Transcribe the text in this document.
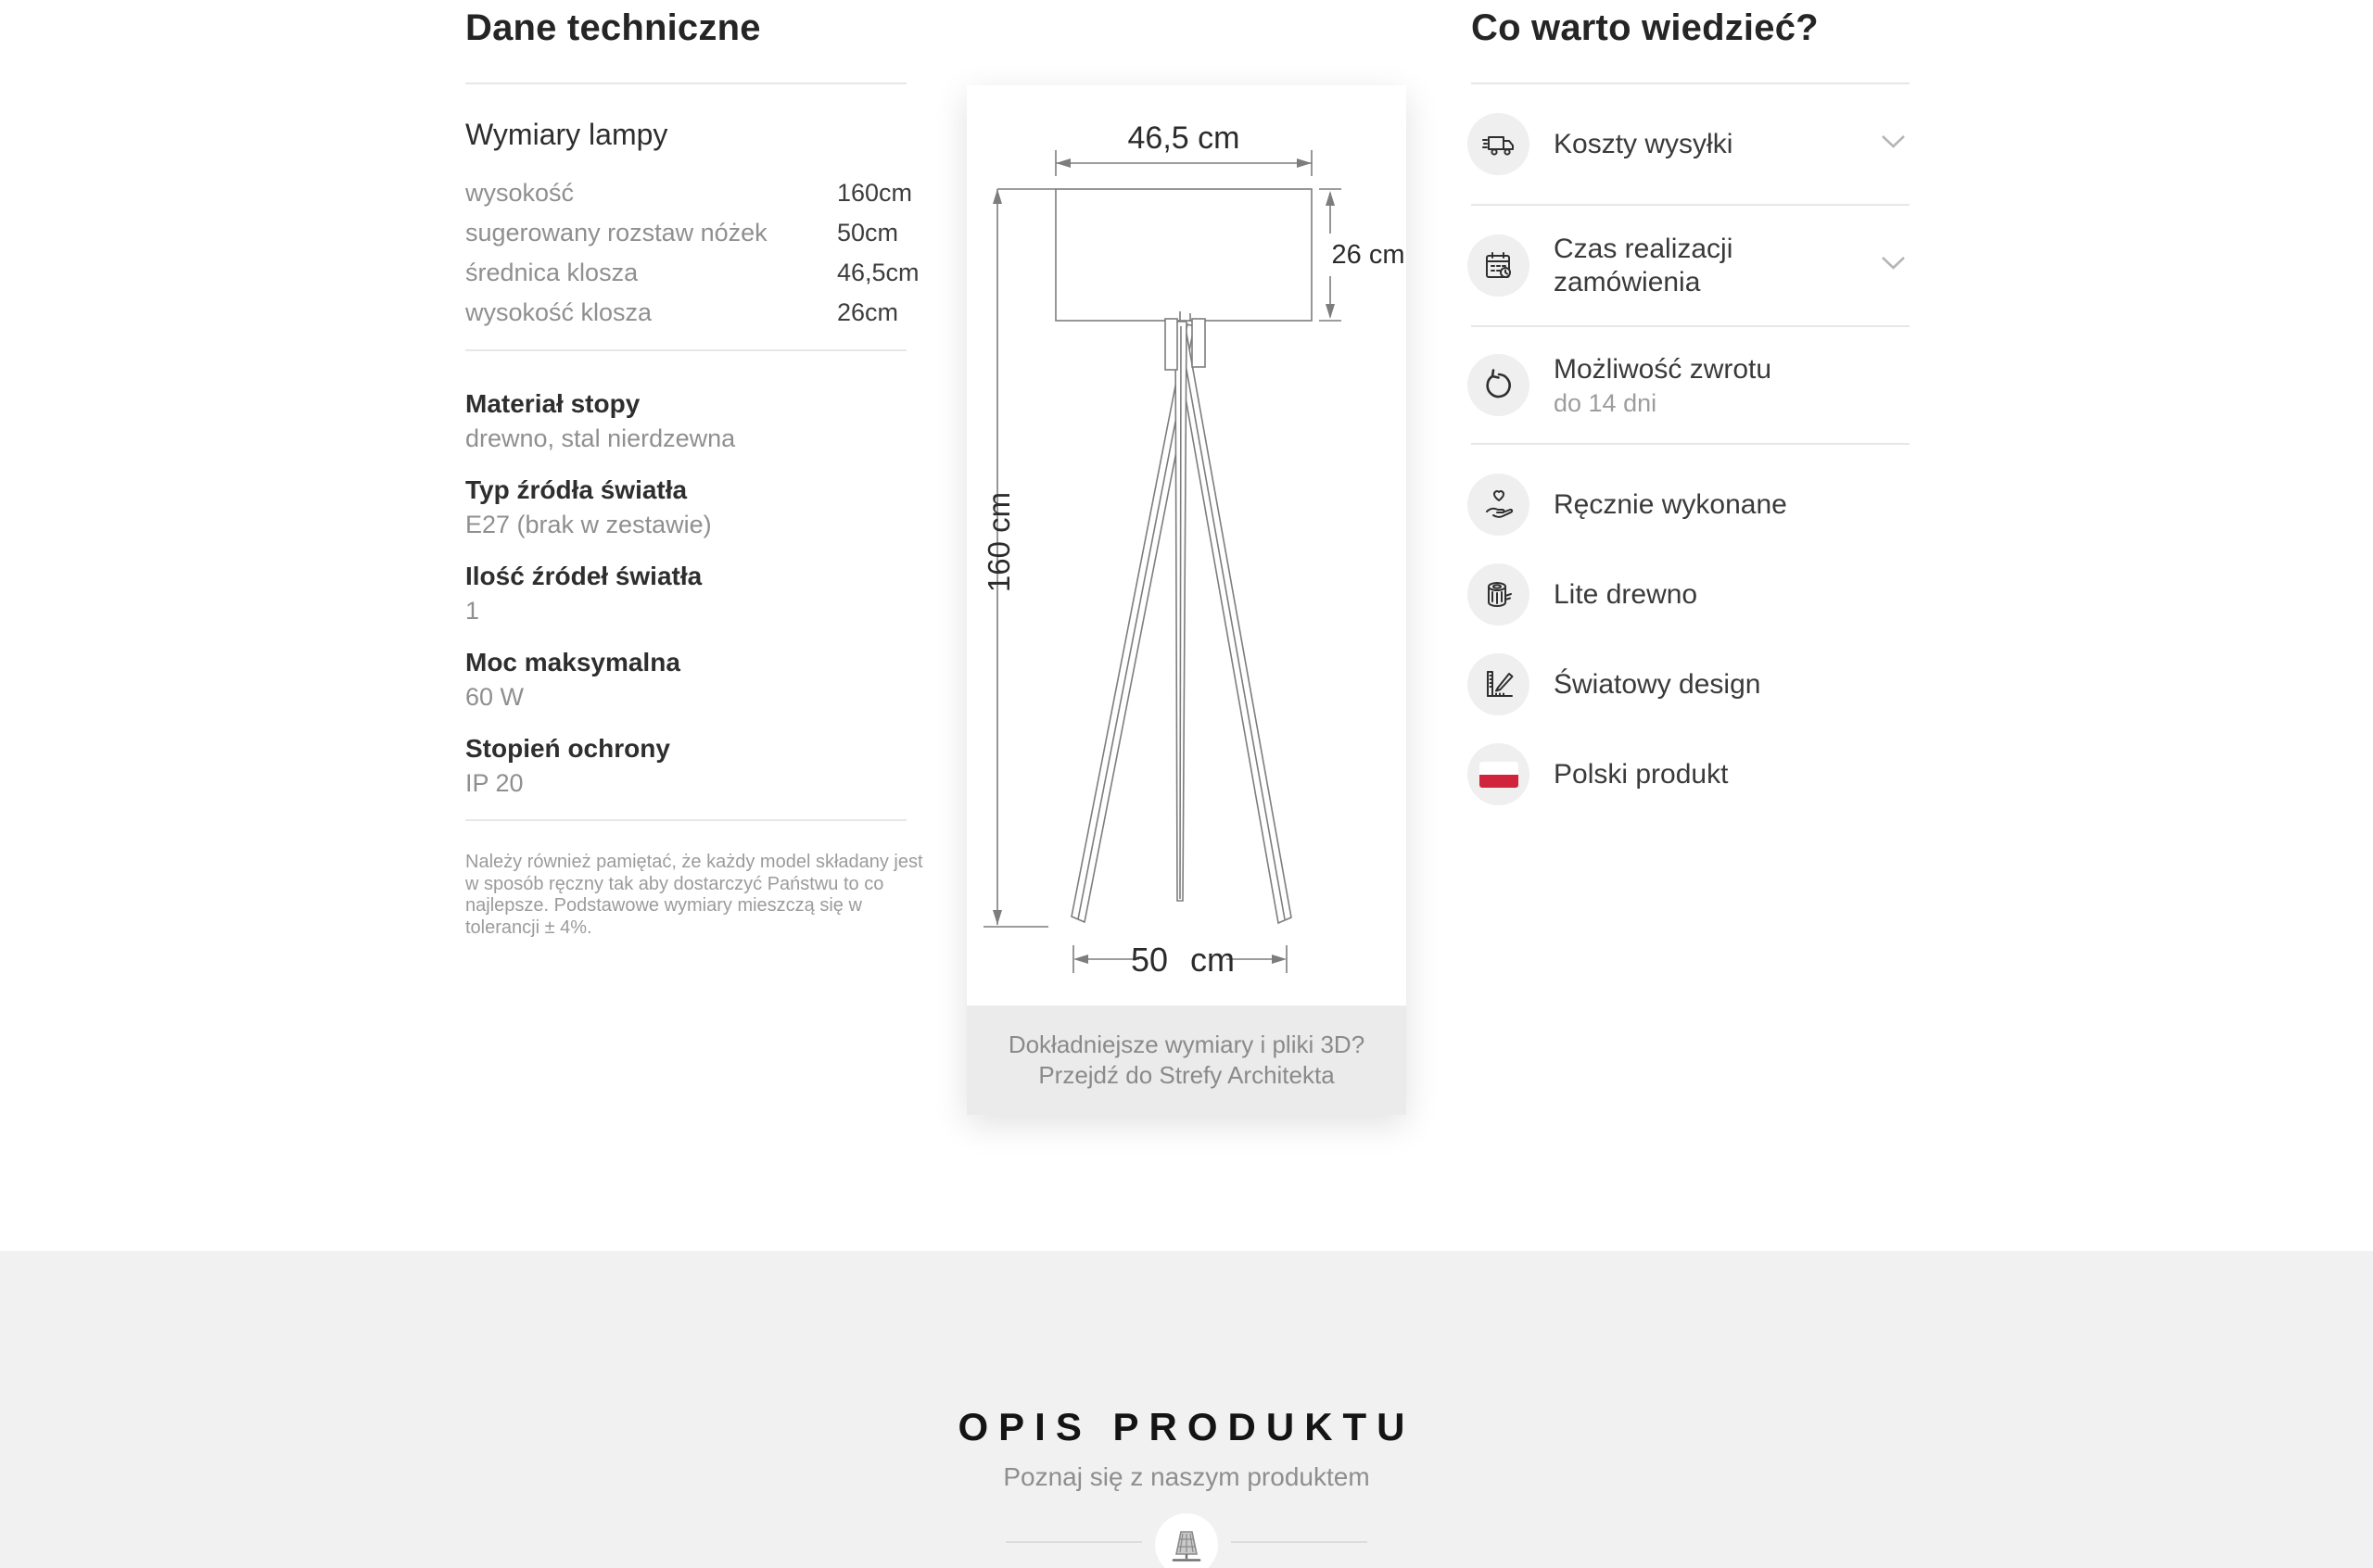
Dane techniczne
Wymiary lampy
wysokość	160cm
sugerowany rozstaw nóżek	50cm
średnica klosza	46,5cm
wysokość klosza	26cm
Materiał stopy
drewno, stal nierdzewna
Typ źródła światła
E27 (brak w zestawie)
Ilość źródeł światła
1
Moc maksymalna
60 W
Stopień ochrony
IP 20

Należy również pamiętać, że każdy model składany jest w sposób ręczny tak aby dostarczyć Państwu to co najlepsze. Podstawowe wymiary mieszczą się w tolerancji ± 4%.

46,5 cm
26 cm
160 cm
50 cm
Dokładniejsze wymiary i pliki 3D?
Przejdź do Strefy Architekta
Co warto wiedzieć?
Koszty wysyłki
Czas realizacji zamówienia
Możliwość zwrotu
do 14 dni
Ręcznie wykonane
Lite drewno
Światowy design
Polski produkt
OPIS PRODUKTU
Poznaj się z naszym produktem
